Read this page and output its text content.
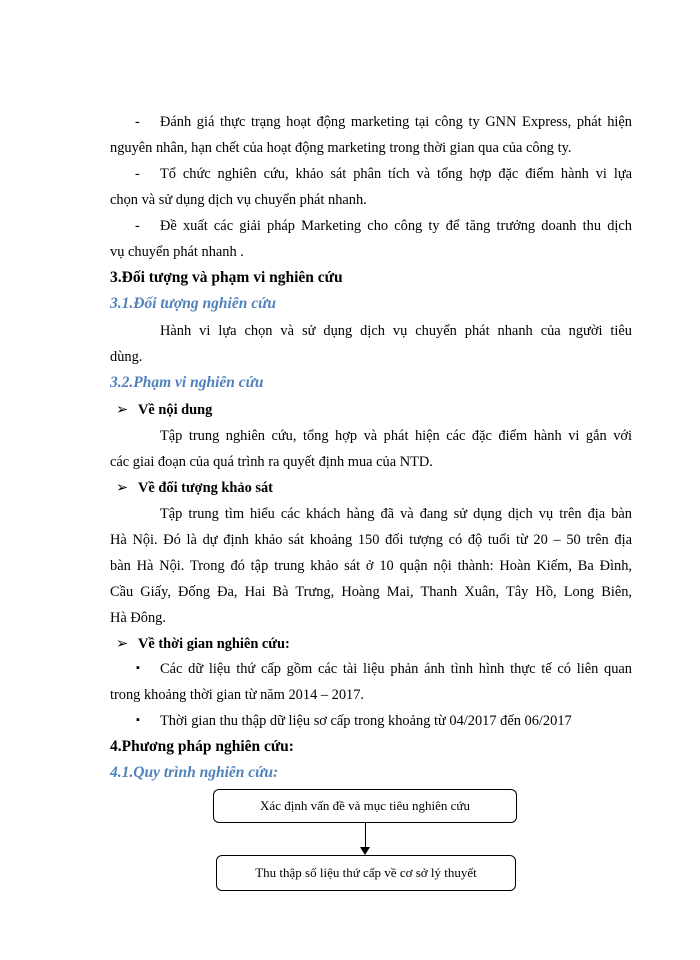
- Đánh giá thực trạng hoạt động marketing tại công ty GNN Express, phát hiện
nguyên nhân, hạn chết của hoạt động marketing trong thời gian qua của công ty.
- Tổ chức nghiên cứu, khảo sát phân tích và tổng hợp đặc điểm hành vi lựa
chọn và sử dụng dịch vụ chuyển phát nhanh.
- Đề xuất các giải pháp Marketing cho công ty để tăng trưởng doanh thu dịch
vụ chuyển phát nhanh .
3.Đối tượng và phạm vi nghiên cứu
3.1.Đối tượng nghiên cứu
Hành vi lựa chọn và sử dụng dịch vụ chuyển phát nhanh của người tiêu
dùng.
3.2.Phạm vi nghiên cứu
➢ Về nội dung
Tập trung nghiên cứu, tổng hợp và phát hiện các đặc điểm hành vi gắn với
các giai đoạn của quá trình ra quyết định mua của NTD.
➢ Về đối tượng khảo sát
Tập trung tìm hiểu các khách hàng đã và đang sử dụng dịch vụ trên địa bàn
Hà Nội. Đó là dự định khảo sát khoảng 150 đối tượng có độ tuổi từ 20 – 50 trên địa
bàn Hà Nội. Trong đó tập trung khảo sát ở 10 quận nội thành: Hoàn Kiếm, Ba Đình,
Cầu Giấy, Đống Đa, Hai Bà Trưng, Hoàng Mai, Thanh Xuân, Tây Hồ, Long Biên,
Hà Đông.
➢ Về thời gian nghiên cứu:
▪ Các dữ liệu thứ cấp gồm các tài liệu phản ánh tình hình thực tế có liên quan
trong khoảng thời gian từ năm 2014 – 2017.
▪ Thời gian thu thập dữ liệu sơ cấp trong khoảng từ 04/2017 đến 06/2017
4.Phương pháp nghiên cứu:
4.1.Quy trình nghiên cứu:
Xác định vấn đề và mục tiêu nghiên cứu
Thu thập số liệu thứ cấp về cơ sở lý thuyết
